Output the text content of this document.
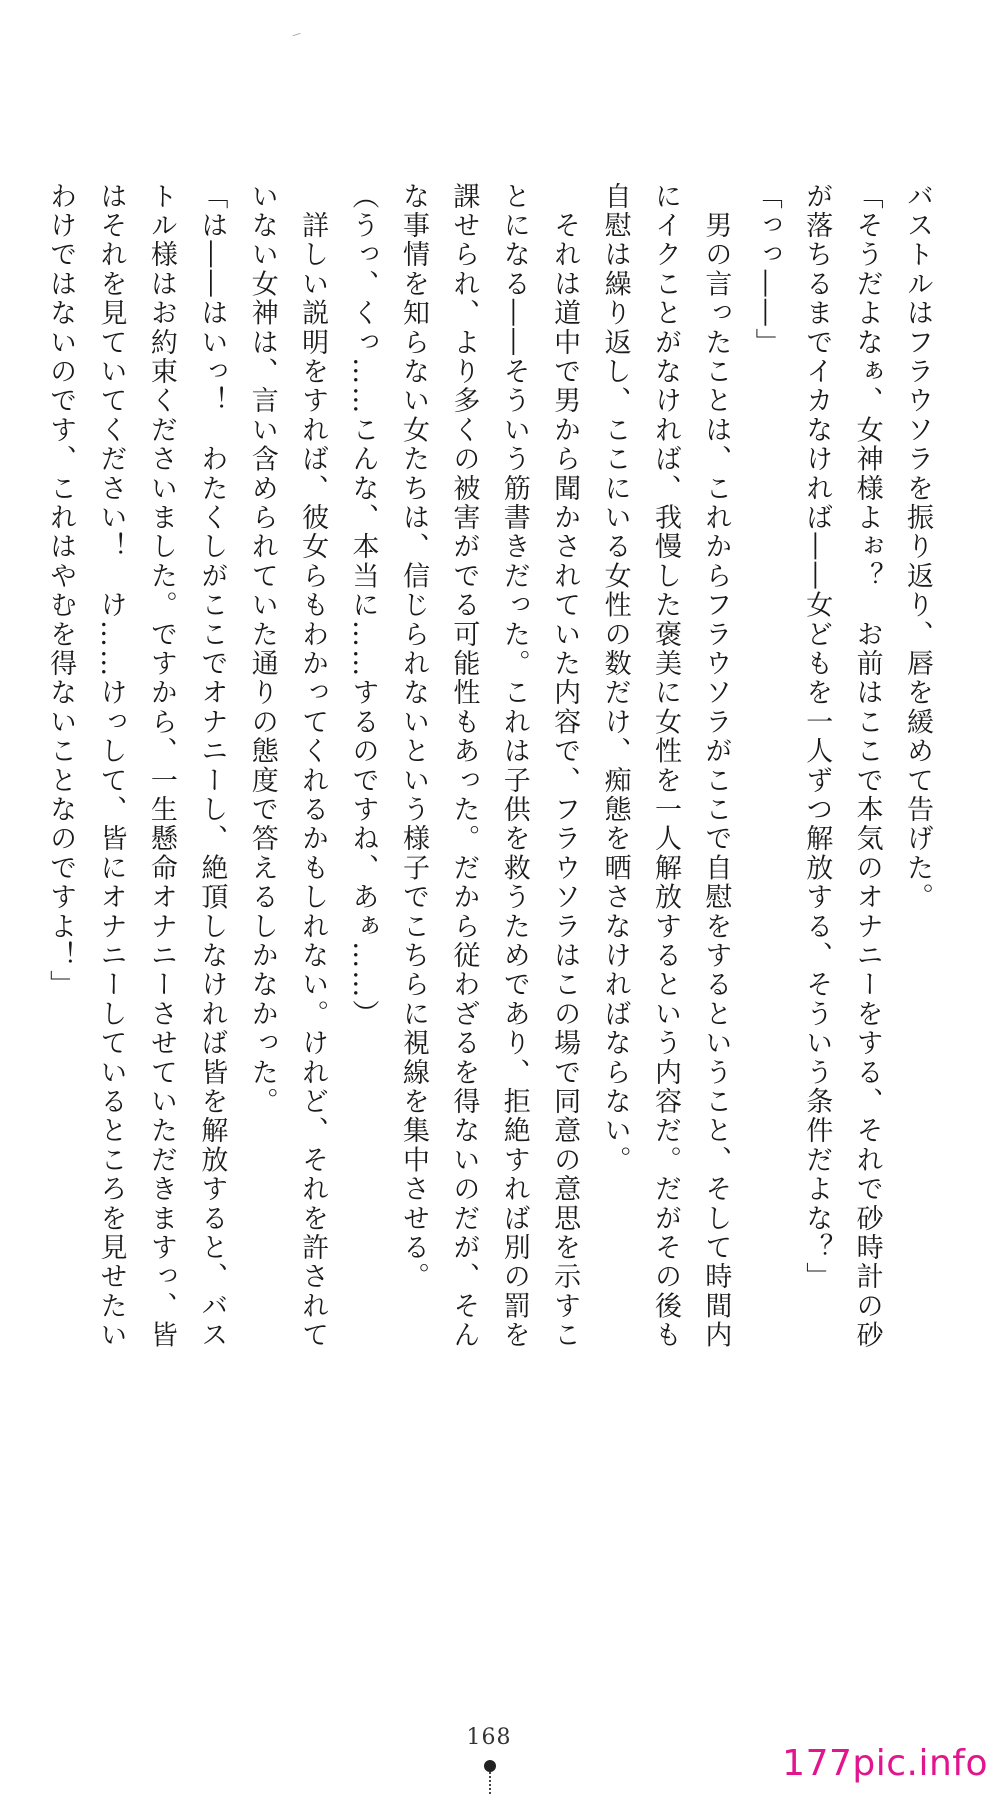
バストルはフラウソラを振り返り、唇を緩めて告げた。
「そうだよなぁ、女神様よぉ？　お前はここで本気のオナニーをする、それで砂時計の砂
が落ちるまでイカなければ――女どもを一人ずつ解放する、そういう条件だよな？」
「っっ――」
　男の言ったことは、これからフラウソラがここで自慰をするということ、そして時間内
にイクことがなければ、我慢した褒美に女性を一人解放するという内容だ。だがその後も
自慰は繰り返し、ここにいる女性の数だけ、痴態を晒さなければならない。
　それは道中で男から聞かされていた内容で、フラウソラはこの場で同意の意思を示すこ
とになる――そういう筋書きだった。これは子供を救うためであり、拒絶すれば別の罰を
課せられ、より多くの被害がでる可能性もあった。だから従わざるを得ないのだが、そん
な事情を知らない女たちは、信じられないという様子でこちらに視線を集中させる。
（うっ、くっ……こんな、本当に……するのですね、あぁ……）
　詳しい説明をすれば、彼女らもわかってくれるかもしれない。けれど、それを許されて
いない女神は、言い含められていた通りの態度で答えるしかなかった。
「は――はいっ！　わたくしがここでオナニーし、絶頂しなければ皆を解放すると、バス
トル様はお約束くださいました。ですから、一生懸命オナニーさせていただきますっ、皆
はそれを見ていてください！　け……けっして、皆にオナニーしているところを見せたい
わけではないのです、これはやむを得ないことなのですよ！」
168
177pic.info
